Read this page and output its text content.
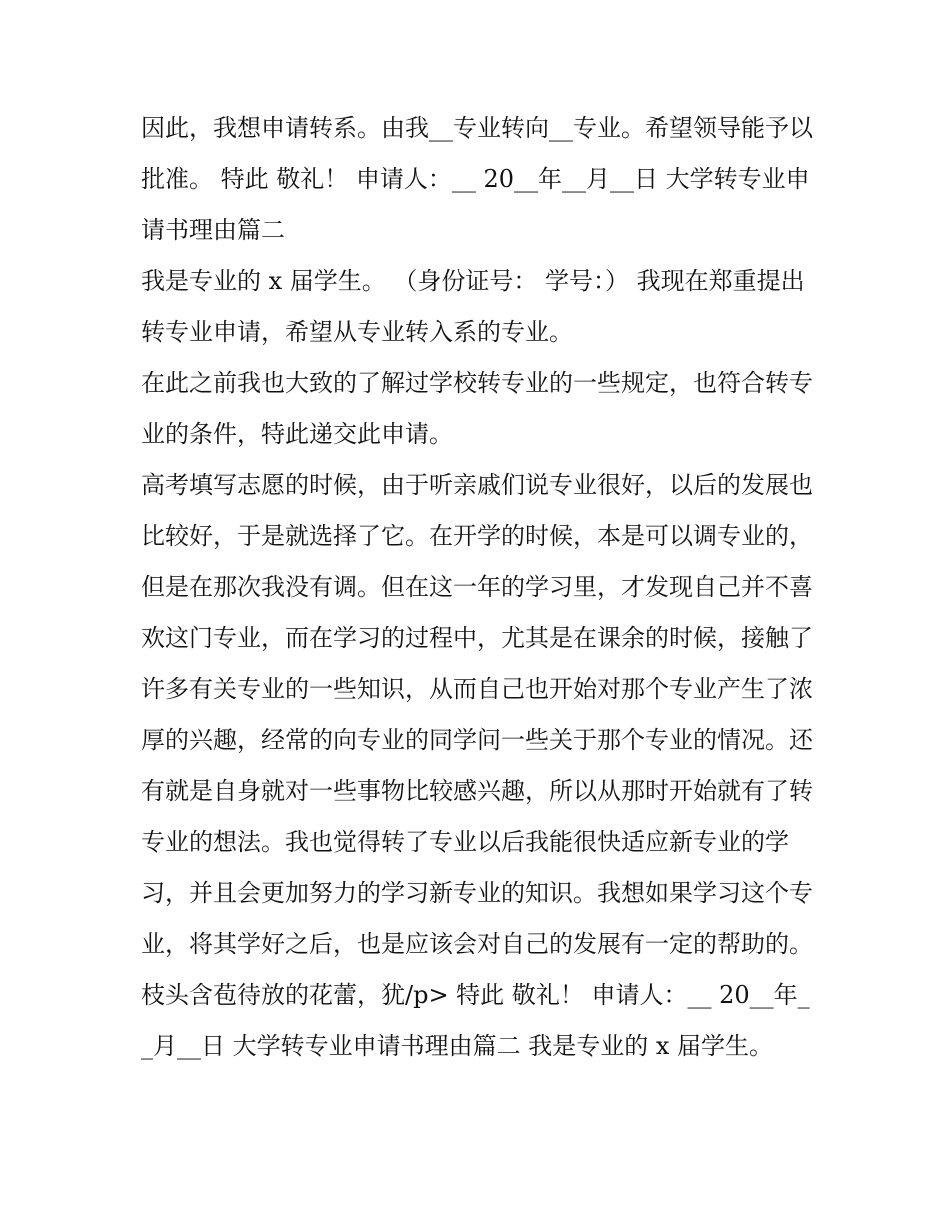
因此，我想申请转系。由我__专业转向__专业。希望领导能予以批准。 特此 敬礼！ 申请人：__ 20__年__月__日 大学转专业申请书理由篇二

我是专业的 x 届学生。 （身份证号： 学号：） 我现在郑重提出转专业申请，希望从专业转入系的专业。

在此之前我也大致的了解过学校转专业的一些规定，也符合转专业的条件，特此递交此申请。

高考填写志愿的时候，由于听亲戚们说专业很好，以后的发展也比较好，于是就选择了它。在开学的时候，本是可以调专业的，但是在那次我没有调。但在这一年的学习里，才发现自己并不喜欢这门专业，而在学习的过程中，尤其是在课余的时候，接触了许多有关专业的一些知识，从而自己也开始对那个专业产生了浓厚的兴趣，经常的向专业的同学问一些关于那个专业的情况。还有就是自身就对一些事物比较感兴趣，所以从那时开始就有了转专业的想法。我也觉得转了专业以后我能很快适应新专业的学习，并且会更加努力的学习新专业的知识。我想如果学习这个专业，将其学好之后，也是应该会对自己的发展有一定的帮助的。

枝头含苞待放的花蕾，犹/p> 特此 敬礼！ 申请人：__ 20__年__月__日 大学转专业申请书理由篇二 我是专业的 x 届学生。
